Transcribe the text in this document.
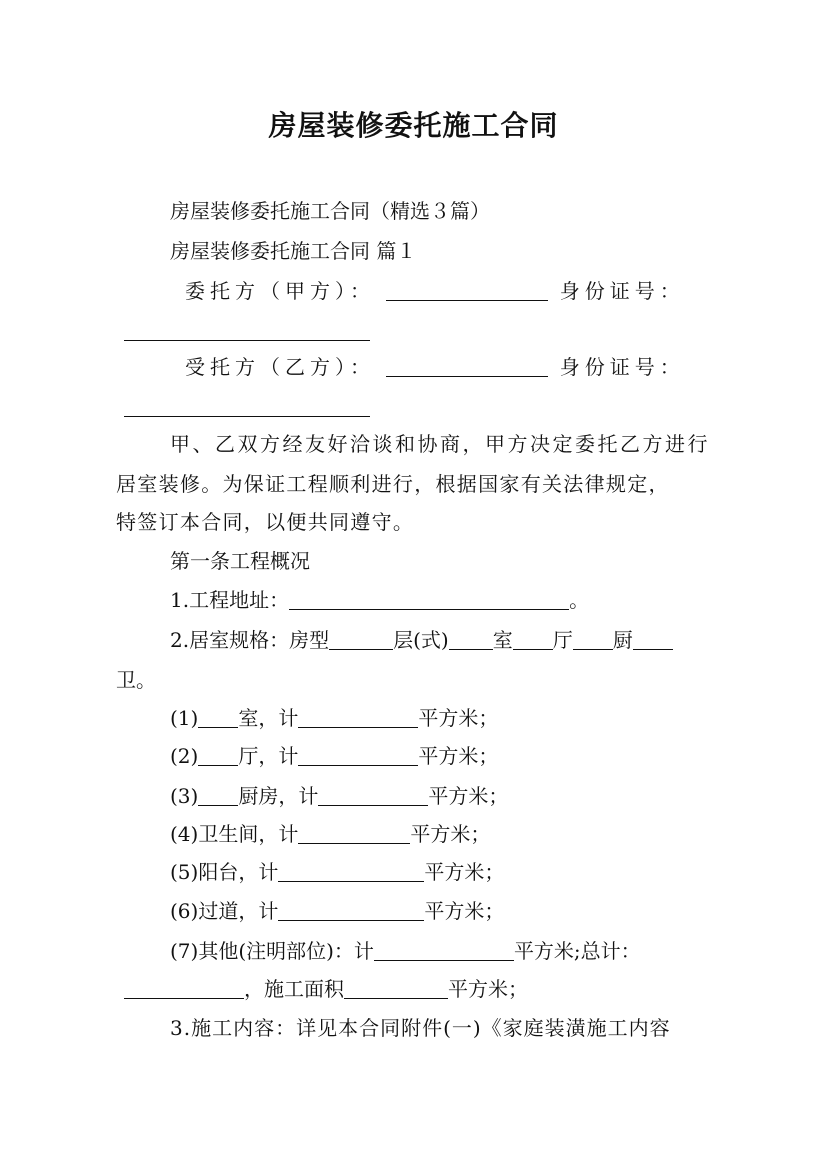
房屋装修委托施工合同

房屋装修委托施工合同（精选３篇）

房屋装修委托施工合同 篇１

委托方（甲方）：	身份证号：

受托方（乙方）：	身份证号：

甲、乙双方经友好洽谈和协商，甲方决定委托乙方进行

居室装修。为保证工程顺利进行，根据国家有关法律规定，

特签订本合同，以便共同遵守。

第一条工程概况

1.工程地址：	。

2.居室规格：房型	层(式) 室 厅 厨

卫。

(1) 室，计	平方米；

(2) 厅，计	平方米；

(3) 厨房，计	平方米；

(4)卫生间，计	平方米；

(5)阳台，计	平方米；

(6)过道，计	平方米；

(7)其他(注明部位)：计	平方米;总计：

，施工面积	平方米；

3.施工内容：详见本合同附件(一)《家庭装潢施工内容
